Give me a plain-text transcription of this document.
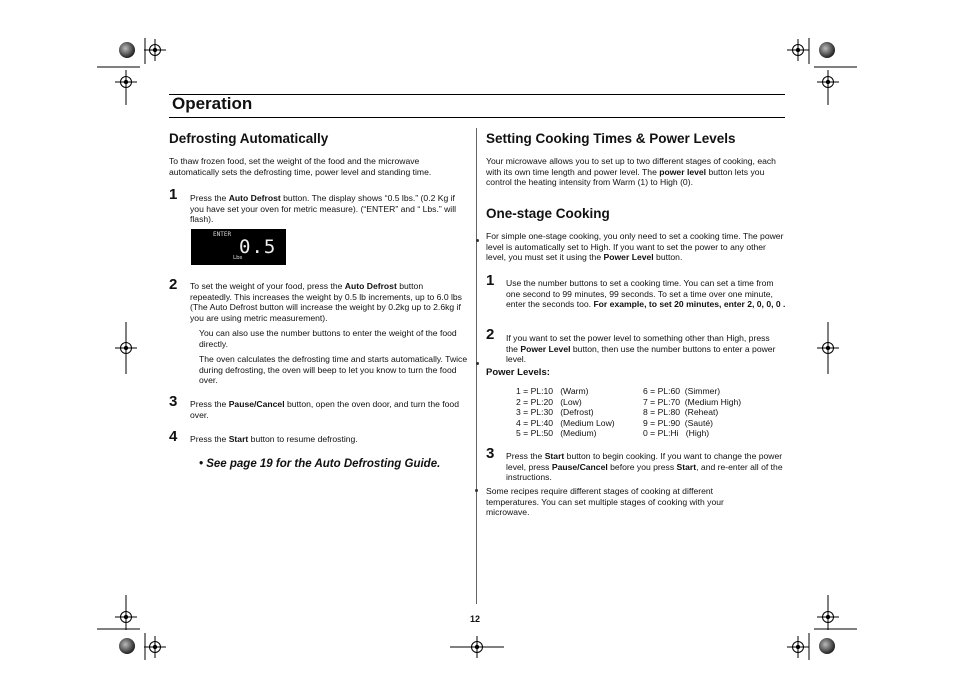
Operation
Defrosting Automatically

To thaw frozen food, set the weight of the food and the microwave automatically sets the defrosting time, power level and standing time.

1 Press the Auto Defrost button. The display shows “0.5 lbs.” (0.2 Kg if you have set your oven for metric measure). (“ENTER” and “ Lbs.” will flash).

ENTER
0.5
Lbs
2 To set the weight of your food, press the Auto Defrost button repeatedly. This increases the weight by 0.5 lb increments, up to 6.0 lbs (The Auto Defrost button will increase the weight by 0.2kg up to 2.6kg if you are using metric measurement).

You can also use the number buttons to enter the weight of the food directly.

The oven calculates the defrosting time and starts automatically. Twice during defrosting, the oven will beep to let you know to turn the food over.

3 Press the Pause/Cancel button, open the oven door, and turn the food over.

4 Press the Start button to resume defrosting.

• See page 19 for the Auto Defrosting Guide.
Setting Cooking Times & Power Levels

Your microwave allows you to set up to two different stages of cooking, each with its own time length and power level. The power level button lets you control the heating intensity from Warm (1) to High (0).

One-stage Cooking

For simple one-stage cooking, you only need to set a cooking time. The power level is automatically set to High. If you want to set the power to any other level, you must set it using the Power Level button.

1 Use the number buttons to set a cooking time. You can set a time from one second to 99 minutes, 99 seconds. To set a time over one minute, enter the seconds too. For example, to set 20 minutes, enter 2, 0, 0, 0 .

2 If you want to set the power level to something other than High, press the Power Level button, then use the number buttons to enter a power level.

Power Levels:
1 = PL:10   (Warm)
2 = PL:20   (Low)
3 = PL:30   (Defrost)
4 = PL:40   (Medium Low)
5 = PL:50   (Medium)
6 = PL:60  (Simmer)
7 = PL:70  (Medium High)
8 = PL:80  (Reheat)
9 = PL:90  (Sauté)
0 = PL:Hi   (High)
3 Press the Start button to begin cooking. If you want to change the power level, press Pause/Cancel before you press Start, and re-enter all of the instructions.

Some recipes require different stages of cooking at different temperatures. You can set multiple stages of cooking with your microwave.

12
